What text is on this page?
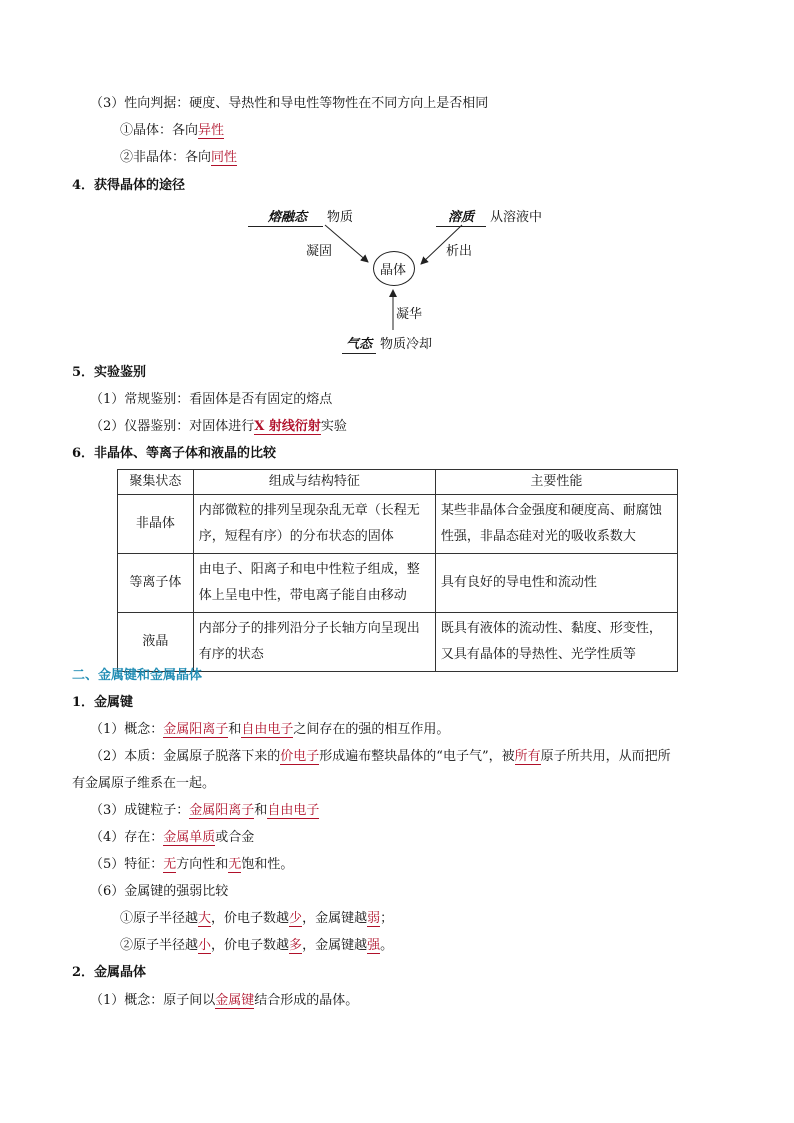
（3）性向判据：硬度、导热性和导电性等物性在不同方向上是否相同
①晶体：各向异性
②非晶体：各向同性
4．获得晶体的途径
熔融态 物质	溶质 从溶液中
凝固	析出
凝华
气态 物质冷却
晶体
5．实验鉴别
（1）常规鉴别：看固体是否有固定的熔点
（2）仪器鉴别：对固体进行X 射线衍射实验
6．非晶体、等离子体和液晶的比较
聚集状态	组成与结构特征	主要性能
非晶体	内部微粒的排列呈现杂乱无章（长程无序，短程有序）的分布状态的固体	某些非晶体合金强度和硬度高、耐腐蚀性强，非晶态硅对光的吸收系数大
等离子体	由电子、阳离子和电中性粒子组成，整体上呈电中性，带电离子能自由移动	具有良好的导电性和流动性
液晶	内部分子的排列沿分子长轴方向呈现出有序的状态	既具有液体的流动性、黏度、形变性，又具有晶体的导热性、光学性质等
二、金属键和金属晶体
1．金属键
（1）概念：金属阳离子和自由电子之间存在的强的相互作用。
（2）本质：金属原子脱落下来的价电子形成遍布整块晶体的“电子气”，被所有原子所共用，从而把所
有金属原子维系在一起。
（3）成键粒子：金属阳离子和自由电子
（4）存在：金属单质或合金
（5）特征：无方向性和无饱和性。
（6）金属键的强弱比较
①原子半径越大，价电子数越少，金属键越弱；
②原子半径越小，价电子数越多，金属键越强。
2．金属晶体
（1）概念：原子间以金属键结合形成的晶体。
